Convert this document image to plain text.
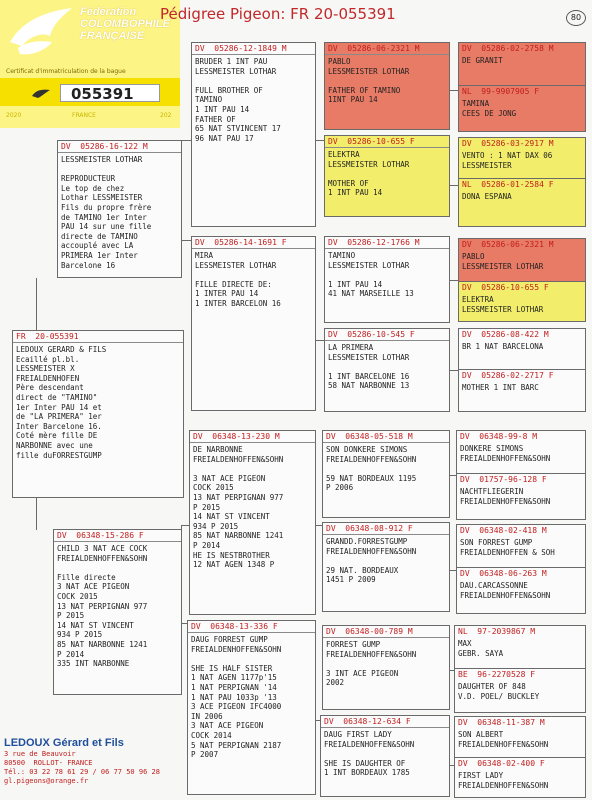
Fédération
COLOMBOPHILE
FRANÇAISE
Certificat d'immatriculation de la bague
055391
2020	FRANCE	202
Pédigree Pigeon: FR 20-055391	80
FR  20-055391
LEDOUX GERARD & FILS
Ecaillé pl.bl.
LESSMEISTER X
FREIALDENHOFEN
Père descendant
direct de "TAMINO"
1er Inter PAU 14 et
de "LA PRIMERA" 1er
Inter Barcelone 16.
Coté mère fille DE
NARBONNE avec une
fille duFORRESTGUMP
DV  05286-16-122 M
LESSMEISTER LOTHAR

REPRODUCTEUR
Le top de chez
Lothar LESSMEISTER
Fils du propre frère
de TAMINO 1er Inter
PAU 14 sur une fille
directe de TAMINO
accouplé avec LA
PRIMERA 1er Inter
Barcelone 16
DV  06348-15-286 F
CHILD 3 NAT ACE COCK
FREIALDENHOFFEN&SOHN

Fille directe
3 NAT ACE PIGEON
COCK 2015
13 NAT PERPIGNAN 977
P 2015
14 NAT ST VINCENT
934 P 2015
85 NAT NARBONNE 1241
P 2014
335 INT NARBONNE
DV  05286-12-1849 M
BRUDER 1 INT PAU
LESSMEISTER LOTHAR

FULL BROTHER OF
TAMINO
1 INT PAU 14
FATHER OF
65 NAT STVINCENT 17
96 NAT PAU 17
DV  05286-14-1691 F
MIRA
LESSMEISTER LOTHAR

FILLE DIRECTE DE:
1 INTER PAU 14
1 INTER BARCELON 16
DV  06348-13-230 M
DE NARBONNE
FREIALDENHOFFEN&SOHN

3 NAT ACE PIGEON
COCK 2015
13 NAT PERPIGNAN 977
P 2015
14 NAT ST VINCENT
934 P 2015
85 NAT NARBONNE 1241
P 2014
HE IS NESTBROTHER
12 NAT AGEN 1348 P
DV  06348-13-336 F
DAUG FORREST GUMP
FREIALDENHOFFEN&SOHN

SHE IS HALF SISTER
1 NAT AGEN 1177p'15
1 NAT PERPIGNAN '14
1 NAT PAU 1033p '13
3 ACE PIGEON IFC4000
IN 2006
3 NAT ACE PIGEON
COCK 2014
5 NAT PERPIGNAN 2187
P 2007
DV  05286-06-2321 M
PABLO
LESSMEISTER LOTHAR

FATHER OF TAMINO
1INT PAU 14
DV  05286-10-655 F
ELEKTRA
LESSMEISTER LOTHAR

MOTHER OF
1 INT PAU 14
DV  05286-12-1766 M
TAMINO
LESSMEISTER LOTHAR

1 INT PAU 14
41 NAT MARSEILLE 13
DV  05286-10-545 F
LA PRIMERA
LESSMEISTER LOTHAR

1 INT BARCELONE 16
58 NAT NARBONNE 13
DV  06348-05-518 M
SON DONKERE SIMONS
FREIALDENHOFFEN&SOHN

59 NAT BORDEAUX 1195
P 2006
DV  06348-08-912 F
GRANDD.FORRESTGUMP
FREIALDENHOFFEN&SOHN

29 NAT. BORDEAUX
1451 P 2009
DV  06348-00-789 M
FORREST GUMP
FREIALDENHOFFEN&SOHN

3 INT ACE PIGEON
2002
DV  06348-12-634 F
DAUG FIRST LADY
FREIALDENHOFFEN&SOHN

SHE IS DAUGHTER OF
1 INT BORDEAUX 1785
DV  05286-02-2758 M
DE GRANIT
NL  99-9907905 F
TAMINA
CEES DE JONG
DV  05286-03-2917 M
VENTO : 1 NAT DAX 06
LESSMEISTER
NL  05286-01-2584 F
DONA ESPANA
DV  05286-06-2321 M
PABLO
LESSMEISTER LOTHAR
DV  05286-10-655 F
ELEKTRA
LESSMEISTER LOTHAR
DV  05286-08-422 M
BR 1 NAT BARCELONA
DV  05286-02-2717 F
MOTHER 1 INT BARC
DV  06348-99-8 M
DONKERE SIMONS
FREIALDENHOFFEN&SOHN
DV  01757-96-128 F
NACHTFLIEGERIN
FREIALDENHOFFEN&SOHN
DV  06348-02-418 M
SON FORREST GUMP
FREIALDENHOFFEN & SOH
DV  06348-06-263 M
DAU.CARCASSONNE
FREIALDENHOFFEN&SOHN
NL  97-2039867 M
MAX
GEBR. SAYA
BE  96-2270528 F
DAUGHTER OF 848
V.D. POEL/ BUCKLEY
DV  06348-11-387 M
SON ALBERT
FREIALDENHOFFEN&SOHN
DV  06348-02-400 F
FIRST LADY
FREIALDENHOFFEN&SOHN
LEDOUX Gérard et Fils
3 rue de Beauvoir
80500  ROLLOT- FRANCE
Tél.: 03 22 78 61 29 / 06 77 50 96 28
gl.pigeons@orange.fr
